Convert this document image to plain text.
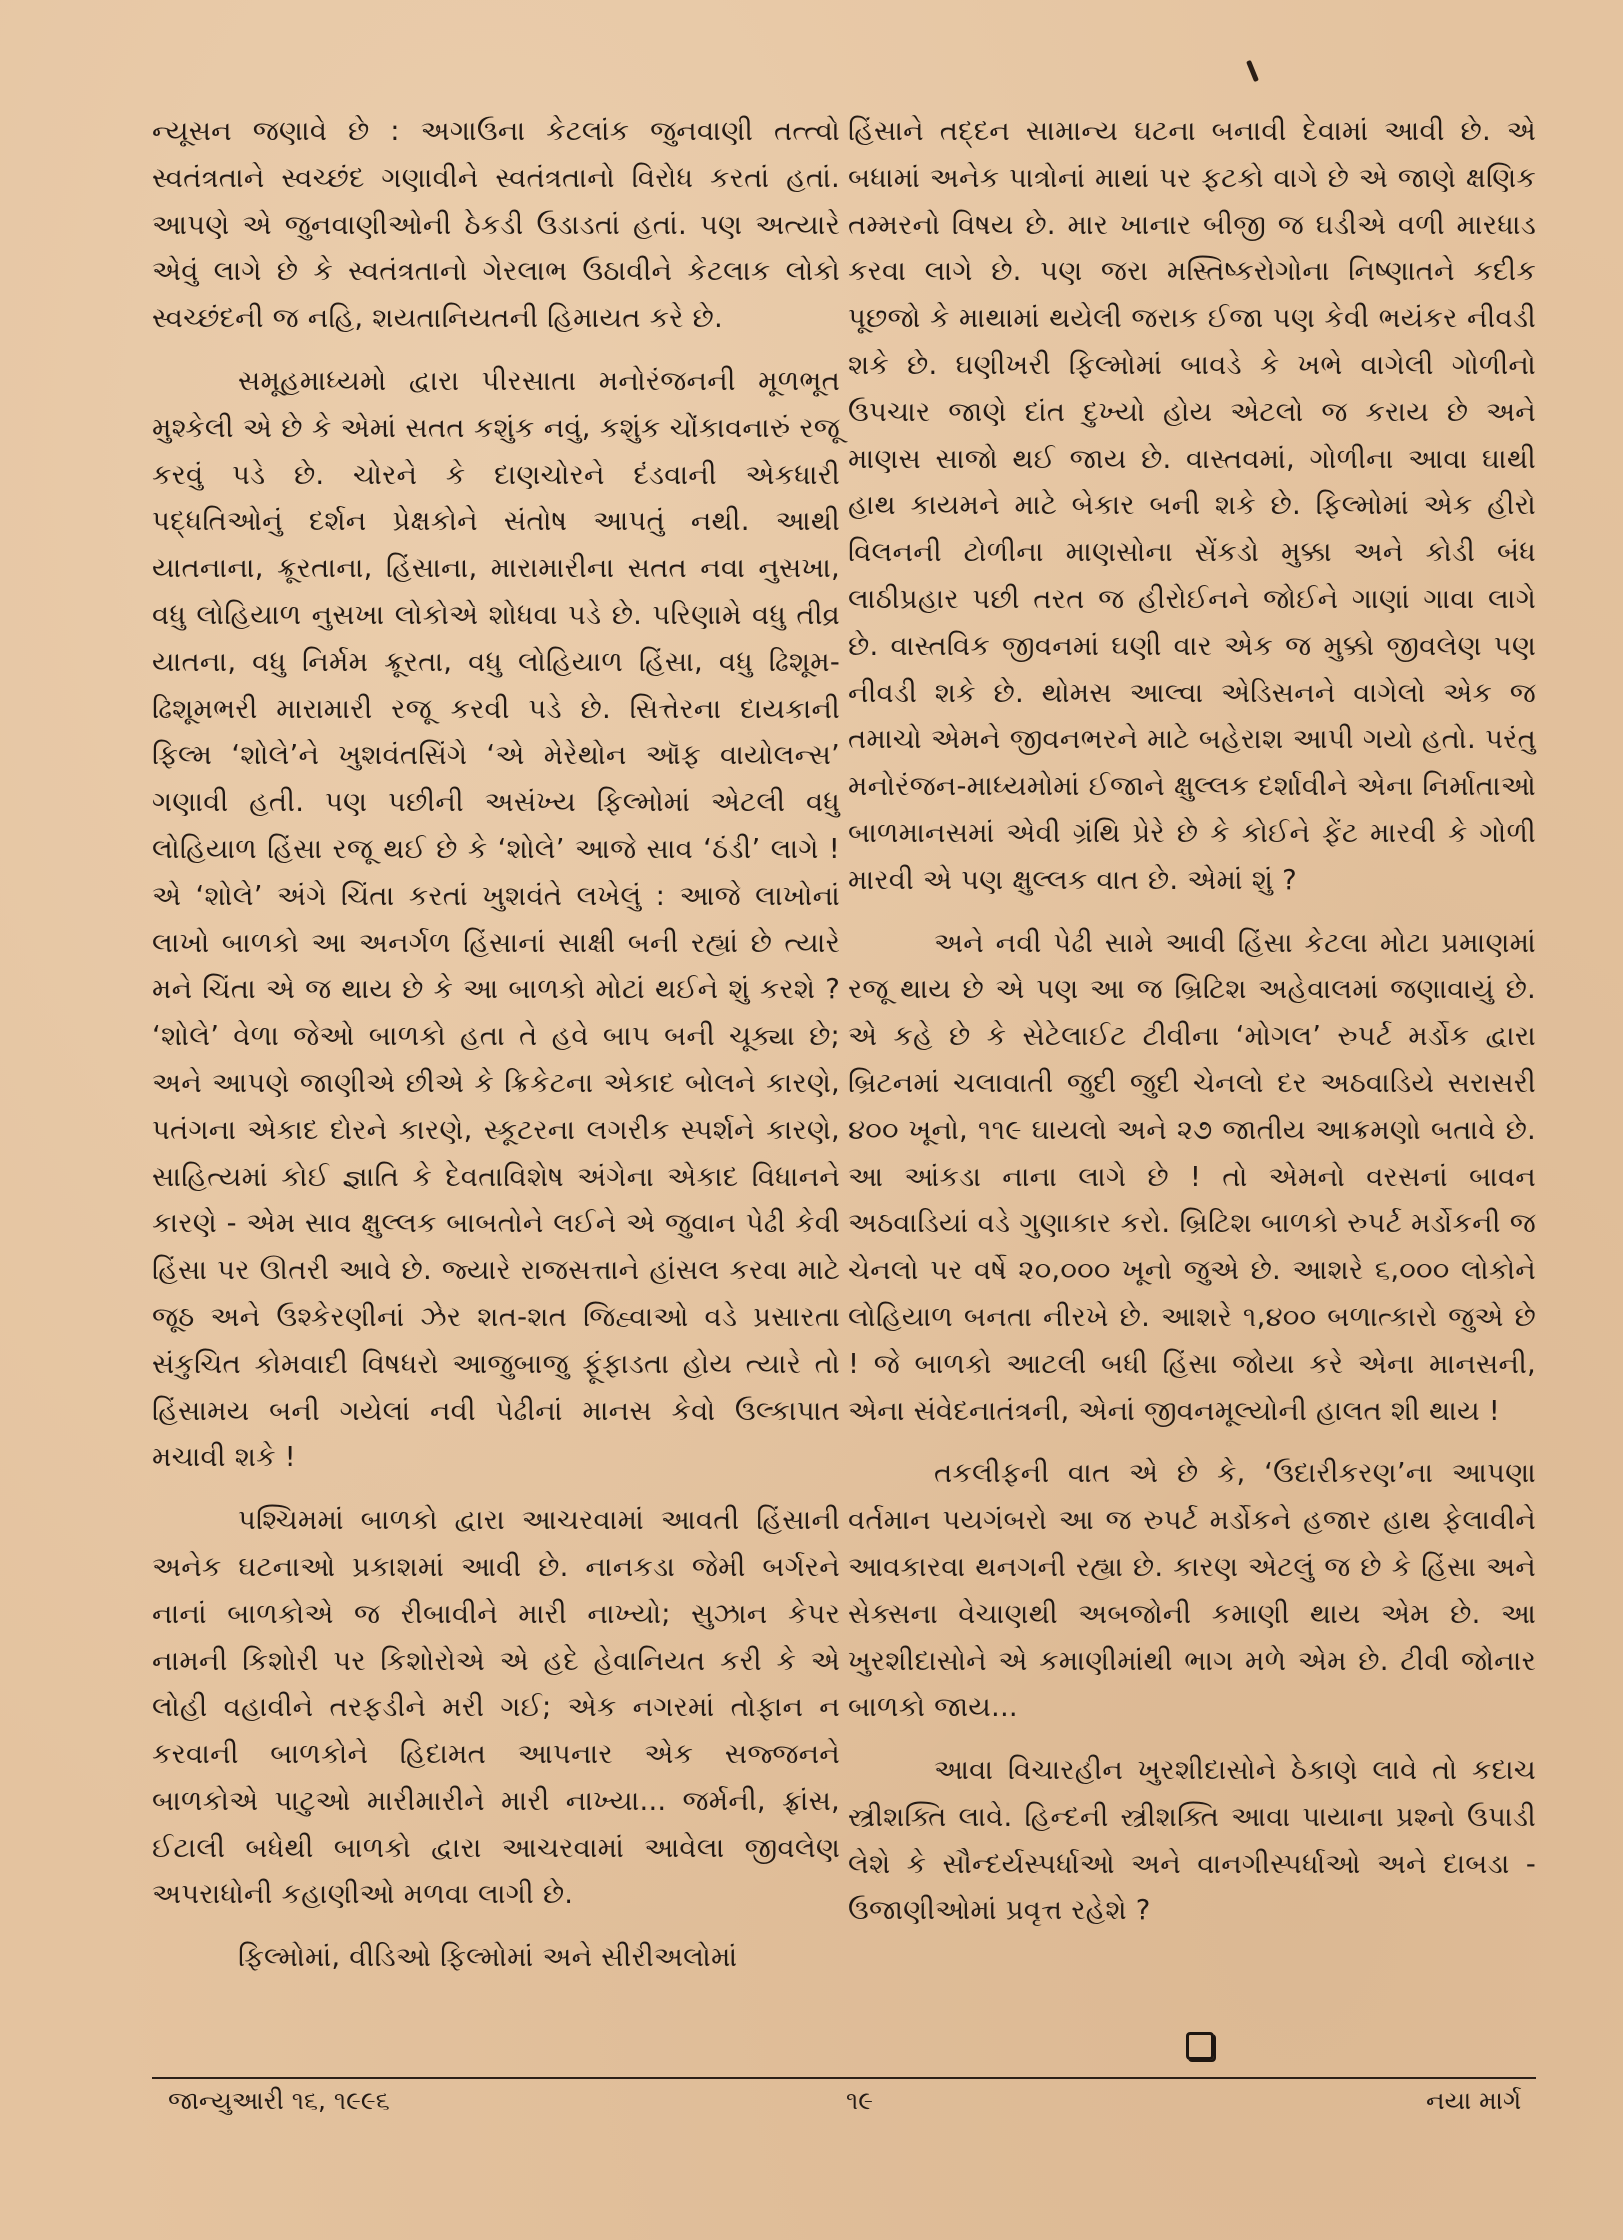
ન્યૂસન જણાવે છે : અગાઉના કેટલાંક જુનવાણી તત્ત્વો સ્વતંત્રતાને સ્વચ્છંદ ગણાવીને સ્વતંત્રતાનો વિરોધ કરતાં હતાં. આપણે એ જુનવાણીઓની ઠેકડી ઉડાડતાં હતાં. પણ અત્યારે એવું લાગે છે કે સ્વતંત્રતાનો ગેરલાભ ઉઠાવીને કેટલાક લોકો સ્વચ્છંદની જ નહિ, શયતાનિયતની હિમાયત કરે છે.

સમૂહમાધ્યમો દ્વારા પીરસાતા મનોરંજનની મૂળભૂત મુશ્કેલી એ છે કે એમાં સતત કશુંક નવું, કશુંક ચોંકાવનારું રજૂ કરવું પડે છે. ચોરને કે દાણચોરને દંડવાની એકધારી પદ્ધતિઓનું દર્શન પ્રેક્ષકોને સંતોષ આપતું નથી. આથી યાતનાના, ક્રૂરતાના, હિંસાના, મારામારીના સતત નવા નુસખા, વધુ લોહિયાળ નુસખા લોકોએ શોધવા પડે છે. પરિણામે વધુ તીવ્ર યાતના, વધુ નિર્મમ ક્રૂરતા, વધુ લોહિયાળ હિંસા, વધુ ઢિશૂમ-ઢિશૂમભરી મારામારી રજૂ કરવી પડે છે. સિત્તેરના દાયકાની ફિલ્મ ‘શોલે’ને ખુશવંતસિંગે ‘એ મેરેથોન ઑફ વાયોલન્સ’ ગણાવી હતી. પણ પછીની અસંખ્ય ફિલ્મોમાં એટલી વધુ લોહિયાળ હિંસા રજૂ થઈ છે કે ‘શોલે’ આજે સાવ ‘ઠંડી’ લાગે ! એ ‘શોલે’ અંગે ચિંતા કરતાં ખુશવંતે લખેલું : આજે લાખોનાં લાખો બાળકો આ અનર્ગળ હિંસાનાં સાક્ષી બની રહ્યાં છે ત્યારે મને ચિંતા એ જ થાય છે કે આ બાળકો મોટાં થઈને શું કરશે ? ‘શોલે’ વેળા જેઓ બાળકો હતા તે હવે બાપ બની ચૂક્યા છે; અને આપણે જાણીએ છીએ કે ક્રિકેટના એકાદ બોલને કારણે, પતંગના એકાદ દોરને કારણે, સ્કૂટરના લગરીક સ્પર્શને કારણે, સાહિત્યમાં કોઈ જ્ઞાતિ કે દેવતાવિશેષ અંગેના એકાદ વિધાનને કારણે - એમ સાવ ક્ષુલ્લક બાબતોને લઈને એ જુવાન પેઢી કેવી હિંસા પર ઊતરી આવે છે. જ્યારે રાજસત્તાને હાંસલ કરવા માટે જૂઠ અને ઉશ્કેરણીનાં ઝેર શત-શત જિહ્વાઓ વડે પ્રસારતા સંકુચિત કોમવાદી વિષધરો આજુબાજુ ફૂંફાડતા હોય ત્યારે તો હિંસામય બની ગયેલાં નવી પેઢીનાં માનસ કેવો ઉલ્કાપાત મચાવી શકે !

પશ્ચિમમાં બાળકો દ્વારા આચરવામાં આવતી હિંસાની અનેક ઘટનાઓ પ્રકાશમાં આવી છે. નાનકડા જેમી બર્ગરને નાનાં બાળકોએ જ રીબાવીને મારી નાખ્યો; સુઝાન કેપર નામની કિશોરી પર કિશોરોએ એ હદે હેવાનિયત કરી કે એ લોહી વહાવીને તરફડીને મરી ગઈ; એક નગરમાં તોફાન ન કરવાની બાળકોને હિદામત આપનાર એક સજ્જનને બાળકોએ પાટુઓ મારીમારીને મારી નાખ્યા... જર્મની, ફ્રાંસ, ઈટાલી બધેથી બાળકો દ્વારા આચરવામાં આવેલા જીવલેણ અપરાધોની કહાણીઓ મળવા લાગી છે.

ફિલ્મોમાં, વીડિઓ ફિલ્મોમાં અને સીરીઅલોમાં

હિંસાને તદ્દન સામાન્ય ઘટના બનાવી દેવામાં આવી છે. એ બધામાં અનેક પાત્રોનાં માથાં પર ફટકો વાગે છે એ જાણે ક્ષણિક તમ્મરનો વિષય છે. માર ખાનાર બીજી જ ઘડીએ વળી મારધાડ કરવા લાગે છે. પણ જરા મસ્તિષ્કરોગોના નિષ્ણાતને કદીક પૂછજો કે માથામાં થયેલી જરાક ઈજા પણ કેવી ભયંકર નીવડી શકે છે. ઘણીખરી ફિલ્મોમાં બાવડે કે ખભે વાગેલી ગોળીનો ઉપચાર જાણે દાંત દુખ્યો હોય એટલો જ કરાય છે અને માણસ સાજો થઈ જાય છે. વાસ્તવમાં, ગોળીના આવા ઘાથી હાથ કાયમને માટે બેકાર બની શકે છે. ફિલ્મોમાં એક હીરો વિલનની ટોળીના માણસોના સેંકડો મુક્કા અને કોડી બંધ લાઠીપ્રહાર પછી તરત જ હીરોઈનને જોઈને ગાણાં ગાવા લાગે છે. વાસ્તવિક જીવનમાં ઘણી વાર એક જ મુક્કો જીવલેણ પણ નીવડી શકે છે. થોમસ આલ્વા એડિસનને વાગેલો એક જ તમાચો એમને જીવનભરને માટે બહેરાશ આપી ગયો હતો. પરંતુ મનોરંજન-માધ્યમોમાં ઈજાને ક્ષુલ્લક દર્શાવીને એના નિર્માતાઓ બાળમાનસમાં એવી ગ્રંથિ પ્રેરે છે કે કોઈને ફેંટ મારવી કે ગોળી મારવી એ પણ ક્ષુલ્લક વાત છે. એમાં શું ?

અને નવી પેઢી સામે આવી હિંસા કેટલા મોટા પ્રમાણમાં રજૂ થાય છે એ પણ આ જ બ્રિટિશ અહેવાલમાં જણાવાયું છે. એ કહે છે કે સેટેલાઈટ ટીવીના ‘મોગલ’ રુપર્ટ મર્ડોક દ્વારા બ્રિટનમાં ચલાવાતી જુદી જુદી ચેનલો દર અઠવાડિયે સરાસરી ૪૦૦ ખૂનો, ૧૧૯ ઘાયલો અને ૨૭ જાતીય આક્રમણો બતાવે છે. આ આંકડા નાના લાગે છે ! તો એમનો વરસનાં બાવન અઠવાડિયાં વડે ગુણાકાર કરો. બ્રિટિશ બાળકો રુપર્ટ મર્ડોકની જ ચેનલો પર વર્ષે ૨૦,૦૦૦ ખૂનો જુએ છે. આશરે ૬,૦૦૦ લોકોને લોહિયાળ બનતા નીરખે છે. આશરે ૧,૪૦૦ બળાત્કારો જુએ છે ! જે બાળકો આટલી બધી હિંસા જોયા કરે એના માનસની, એના સંવેદનાતંત્રની, એનાં જીવનમૂલ્યોની હાલત શી થાય !

તકલીફની વાત એ છે કે, ‘ઉદારીકરણ’ના આપણા વર્તમાન પયગંબરો આ જ રુપર્ટ મર્ડોકને હજાર હાથ ફેલાવીને આવકારવા થનગની રહ્યા છે. કારણ એટલું જ છે કે હિંસા અને સેક્સના વેચાણથી અબજોની કમાણી થાય એમ છે. આ ખુરશીદાસોને એ કમાણીમાંથી ભાગ મળે એમ છે. ટીવી જોનાર બાળકો જાય...

આવા વિચારહીન ખુરશીદાસોને ઠેકાણે લાવે તો કદાચ સ્ત્રીશક્તિ લાવે. હિન્દની સ્ત્રીશક્તિ આવા પાયાના પ્રશ્નો ઉપાડી લેશે કે સૌન્દર્યસ્પર્ધાઓ અને વાનગીસ્પર્ધાઓ અને દાબડા - ઉજાણીઓમાં પ્રવૃત્ત રહેશે ?

જાન્યુઆરી ૧૬, ૧૯૯૬	૧૯	નયા માર્ગ
